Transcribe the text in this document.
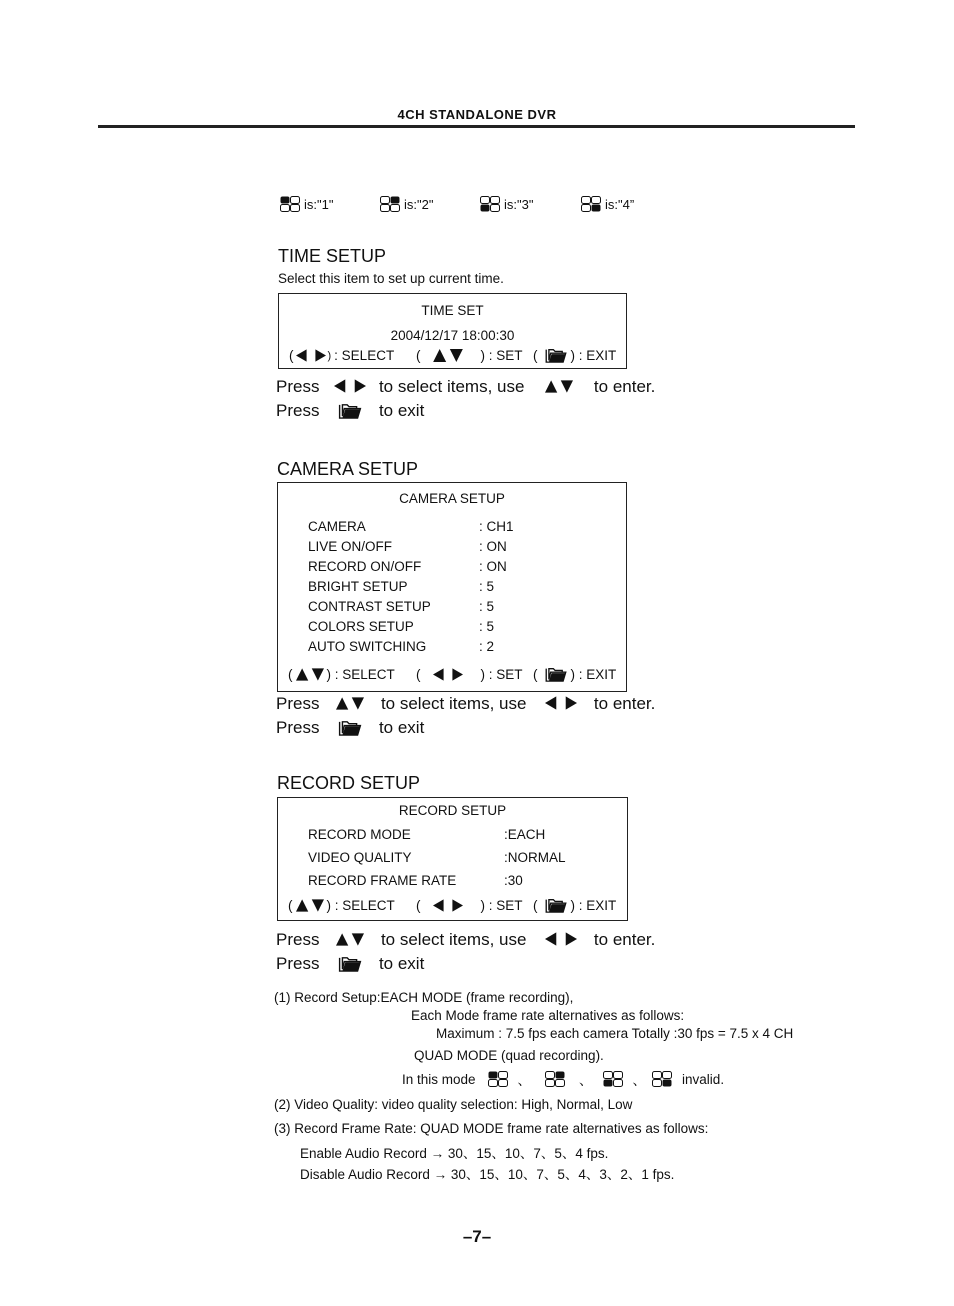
4CH STANDALONE DVR
is:"1"	is:"2"	is:"3"	is:"4”
TIME SETUP
Select this item to set up current time.
TIME SET
2004/12/17 18:00:30
(	) : SELECT (	) : SET ( ) : EXIT
Press	to select items, use	to enter.
Press	to exit
CAMERA SETUP
CAMERA SETUP
CAMERA	: CH1
LIVE ON/OFF	: ON
RECORD ON/OFF	: ON
BRIGHT SETUP	: 5
CONTRAST SETUP	: 5
COLORS SETUP	: 5
AUTO SWITCHING	: 2
(	) : SELECT (	) : SET ( ) : EXIT
Press	to select items, use	to enter.
Press	to exit
RECORD SETUP
RECORD SETUP
RECORD MODE	:EACH
VIDEO QUALITY	:NORMAL
RECORD FRAME RATE	:30
(	) : SELECT (	) : SET ( ) : EXIT
Press	to select items, use	to enter.
Press	to exit
(1) Record Setup:EACH MODE (frame recording),
Each Mode frame rate alternatives as follows:
Maximum : 7.5 fps each camera Totally :30 fps = 7.5 x 4 CH
QUAD MODE (quad recording).
In this mode	、	、	、	invalid.
(2) Video Quality: video quality selection: High, Normal, Low
(3) Record Frame Rate: QUAD MODE frame rate alternatives as follows:
Enable Audio Record → 30、15、10、7、5、4 fps.
Disable Audio Record → 30、15、10、7、5、4、3、2、1 fps.
–7–
